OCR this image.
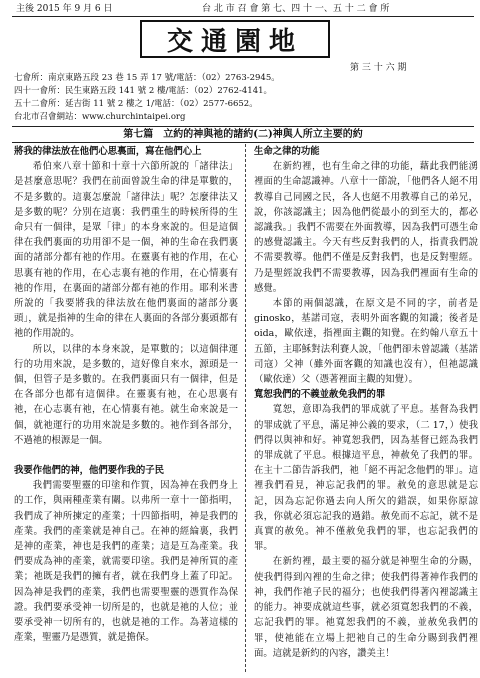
主後 2015 年 9 月 6 日	台 北 市 召 會 第 七、四 十 一、五 十 二 會 所
交通園地
第 三 十 六 期
七會所：南京東路五段 23 巷 15 弄 17 號/電話：（02）2763-2945。
四十一會所：民生東路五段 141 號 2 樓/電話：（02）2762-4141。
五十二會所：延吉街 11 號 2 樓之 1/電話：（02）2577-6652。
台北市召會網站：www.churchintaipei.org
第七篇　立約的神與祂的諸約(二)神與人所立主要的約
將我的律法放在他們心思裏面，寫在他們心上

希伯來八章十節和十章十六節所說的「諸律法」是甚麼意思呢？我們在前面曾說生命的律是單數的，不是多數的。這裏怎麼說「諸律法」呢？怎麼律法又是多數的呢？分別在這裏：我們重生的時候所得的生命只有一個律，是眾「律」的本身來說的。但是這個律在我們裏面的功用卻不是一個，神的生命在我們裏面的諸部分都有祂的作用。在靈裏有祂的作用，在心思裏有祂的作用，在心志裏有祂的作用，在心情裏有祂的作用，在裏面的諸部分都有祂的作用。耶利米書所說的「我要將我的律法放在他們裏面的諸部分裏頭」，就是指神的生命的律在人裏面的各部分裏頭都有祂的作用說的。

所以，以律的本身來說，是單數的；以這個律運行的功用來說，是多數的，這好像自來水，源頭是一個，但管子是多數的。在我們裏面只有一個律，但是在各部分也都有這個律。在靈裏有祂，在心思裏有祂，在心志裏有祂，在心情裏有祂。就生命來說是一個，就祂運行的功用來說是多數的。祂作到各部分，不過祂的根源是一個。

我要作他們的神，他們要作我的子民

我們需要聖靈的印塗和作質，因為神在我們身上的工作，與兩種產業有關。以弗所一章十一節指明，我們成了神所揀定的產業；十四節指明，神是我們的產業。我們的產業就是神自己。在神的經綸裏，我們是神的產業，神也是我們的產業；這是互為產業。我們要成為神的產業，就需要印塗。我們是神所買的產業；祂既是我們的擁有者，就在我們身上蓋了印記。因為神是我們的產業，我們也需要聖靈的憑質作為保證。我們要承受神一切所是的，也就是祂的人位；並要承受神一切所有的，也就是祂的工作。為著這樣的產業，聖靈乃是憑質，就是擔保。

生命之律的功能

在新約裡，也有生命之律的功能，藉此我們能湧裡面的生命認識神。八章十一節說，「他們各人絕不用教導自己同國之民，各人也絕不用教導自己的弟兄，說，你該認識主；因為他們從最小的到至大的，都必認識我。」我們不需要在外面教導，因為我們可憑生命的感覺認識主。今天有些反對我們的人，指責我們說不需要教導。他們不僅是反對我們，也是反對聖經。乃是聖經說我們不需要教導，因為我們裡面有生命的感覺。

本節的兩個認識，在原文是不同的字，前者是ginosko，基諾司寇，表明外面客觀的知識；後者是oida，歐依達，指裡面主觀的知覺。在約翰八章五十五節，主耶穌對法利賽人說，「他們卻未曾認識（基諾司寇）父神（雖外面客觀的知識也沒有），但祂認識（歐依達）父（憑著裡面主觀的知覺）。

寬恕我們的不義並赦免我們的罪

寬恕，意即為我們的罪成就了平息。基督為我們的罪成就了平息，滿足神公義的要求，（二 17，）使我們得以與神和好。神寬恕我們，因為基督已經為我們的罪成就了平息。根據這平息，神赦免了我們的罪。在主十二節告訴我們，祂「絕不再記念他們的罪」。這裡我們看見，神忘記我們的罪。赦免的意思就是忘記，因為忘記你過去向人所欠的錯誤，如果你原諒我，你就必須忘記我的過錯。赦免而不忘記，就不是真實的赦免。神不僅赦免我們的罪，也忘記我們的罪。

在新約裡，最主要的福分就是神聖生命的分賜，使我們得到內裡的生命之律；使我們得著神作我們的神，我們作祂子民的福分；也使我們得著內裡認識主的能力。神要成就這些事，就必須寬恕我們的不義，忘記我們的罪。祂寬恕我們的不義，並赦免我們的罪，使祂能在立場上把祂自己的生命分賜到我們裡面。這就是新約的內容，讚美主！
